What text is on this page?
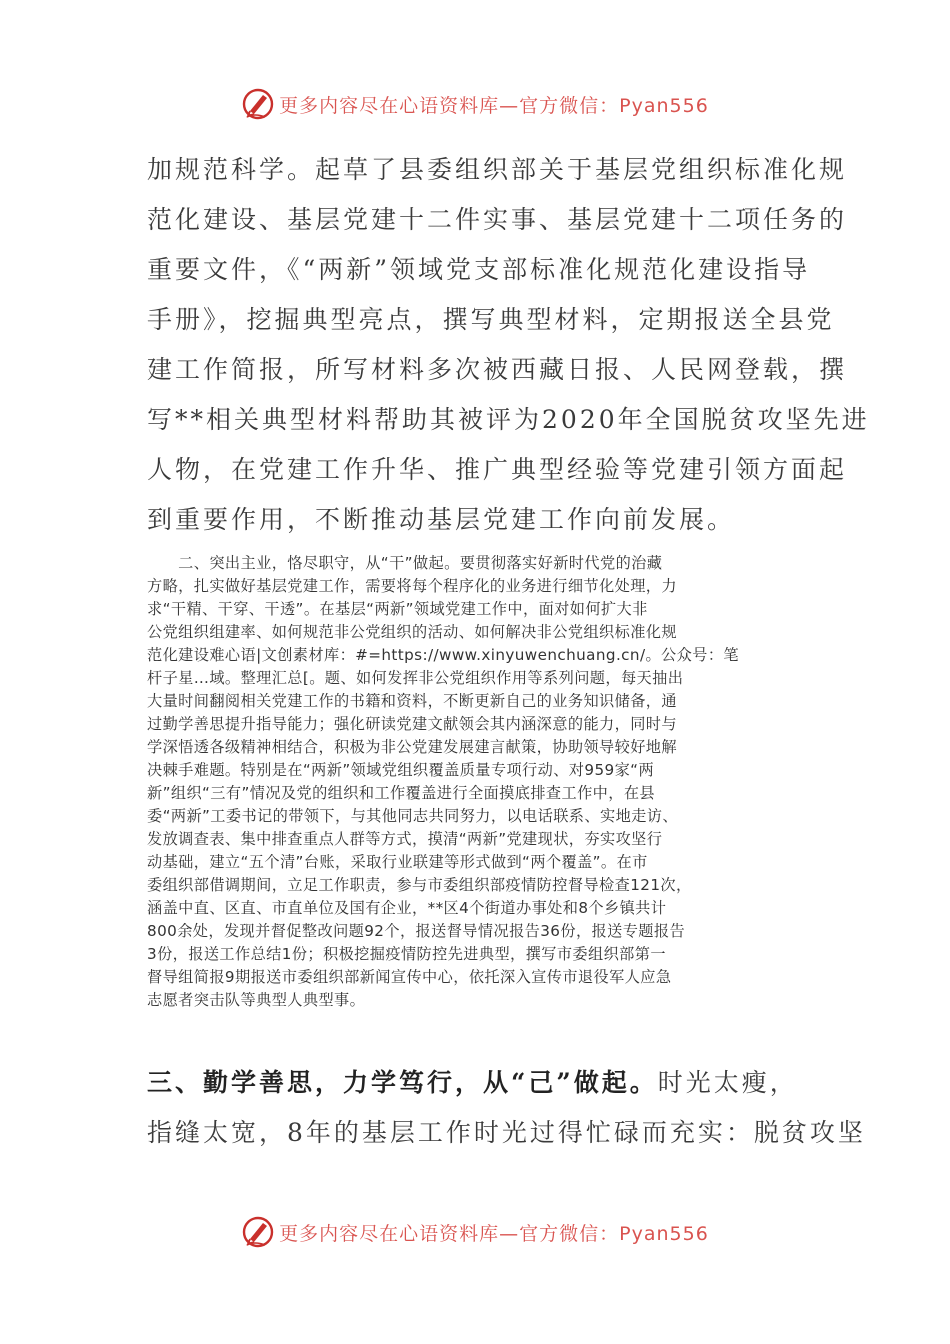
更多内容尽在心语资料库—官方微信：Pyan556
加规范科学。起草了县委组织部关于基层党组织标准化规
范化建设、基层党建十二件实事、基层党建十二项任务的
重要文件，《“两新”领域党支部标准化规范化建设指导
手册》，挖掘典型亮点，撰写典型材料，定期报送全县党
建工作简报，所写材料多次被西藏日报、人民网登载，撰
写**相关典型材料帮助其被评为2020年全国脱贫攻坚先进
人物，在党建工作升华、推广典型经验等党建引领方面起
到重要作用，不断推动基层党建工作向前发展。
　　二、突出主业，恪尽职守，从“干”做起。要贯彻落实好新时代党的治藏
方略，扎实做好基层党建工作，需要将每个程序化的业务进行细节化处理，力
求“干精、干穿、干透”。在基层“两新”领域党建工作中，面对如何扩大非
公党组织组建率、如何规范非公党组织的活动、如何解决非公党组织标准化规
范化建设难心语|文创素材库：#=https://www.xinyuwenchuang.cn/。公众号：笔
杆子星…域。整理汇总[。题、如何发挥非公党组织作用等系列问题，每天抽出
大量时间翻阅相关党建工作的书籍和资料，不断更新自己的业务知识储备，通
过勤学善思提升指导能力；强化研读党建文献领会其内涵深意的能力，同时与
学深悟透各级精神相结合，积极为非公党建发展建言献策，协助领导较好地解
决棘手难题。特别是在“两新”领域党组织覆盖质量专项行动、对959家“两
新”组织“三有”情况及党的组织和工作覆盖进行全面摸底排查工作中，在县
委“两新”工委书记的带领下，与其他同志共同努力，以电话联系、实地走访、
发放调查表、集中排查重点人群等方式，摸清“两新”党建现状，夯实攻坚行
动基础，建立“五个清”台账，采取行业联建等形式做到“两个覆盖”。在市
委组织部借调期间，立足工作职责，参与市委组织部疫情防控督导检查121次，
涵盖中直、区直、市直单位及国有企业，**区4个街道办事处和8个乡镇共计
800余处，发现并督促整改问题92个，报送督导情况报告36份，报送专题报告
3份，报送工作总结1份；积极挖掘疫情防控先进典型，撰写市委组织部第一
督导组简报9期报送市委组织部新闻宣传中心，依托深入宣传市退役军人应急
志愿者突击队等典型人典型事。
三、勤学善思，力学笃行，从“己”做起。时光太瘦，
指缝太宽，8年的基层工作时光过得忙碌而充实：脱贫攻坚
更多内容尽在心语资料库—官方微信：Pyan556
